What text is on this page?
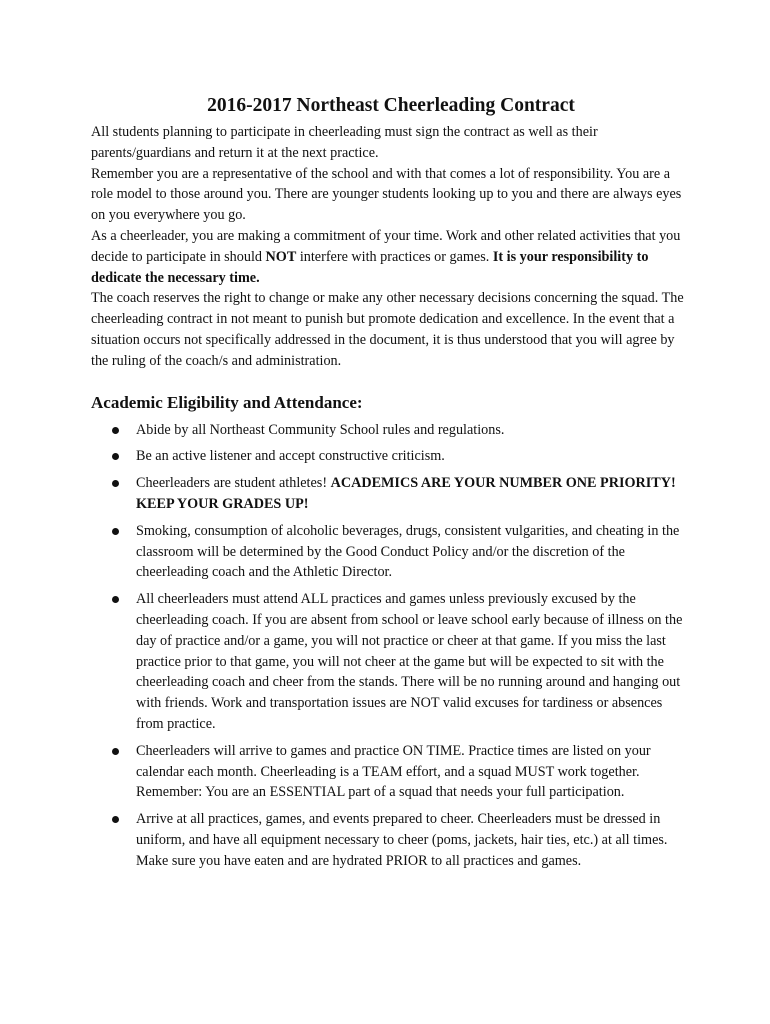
2016-2017 Northeast Cheerleading Contract

All students planning to participate in cheerleading must sign the contract as well as their parents/guardians and return it at the next practice.

Remember you are a representative of the school and with that comes a lot of responsibility. You are a role model to those around you. There are younger students looking up to you and there are always eyes on you everywhere you go.

As a cheerleader, you are making a commitment of your time. Work and other related activities that you decide to participate in should NOT interfere with practices or games. It is your responsibility to dedicate the necessary time.

The coach reserves the right to change or make any other necessary decisions concerning the squad. The cheerleading contract in not meant to punish but promote dedication and excellence. In the event that a situation occurs not specifically addressed in the document, it is thus understood that you will agree by the ruling of the coach/s and administration.

Academic Eligibility and Attendance:
Abide by all Northeast Community School rules and regulations.
Be an active listener and accept constructive criticism.
Cheerleaders are student athletes! ACADEMICS ARE YOUR NUMBER ONE PRIORITY! KEEP YOUR GRADES UP!
Smoking, consumption of alcoholic beverages, drugs, consistent vulgarities, and cheating in the classroom will be determined by the Good Conduct Policy and/or the discretion of the cheerleading coach and the Athletic Director.
All cheerleaders must attend ALL practices and games unless previously excused by the cheerleading coach. If you are absent from school or leave school early because of illness on the day of practice and/or a game, you will not practice or cheer at that game. If you miss the last practice prior to that game, you will not cheer at the game but will be expected to sit with the cheerleading coach and cheer from the stands. There will be no running around and hanging out with friends. Work and transportation issues are NOT valid excuses for tardiness or absences from practice.
Cheerleaders will arrive to games and practice ON TIME. Practice times are listed on your calendar each month. Cheerleading is a TEAM effort, and a squad MUST work together. Remember: You are an ESSENTIAL part of a squad that needs your full participation.
Arrive at all practices, games, and events prepared to cheer. Cheerleaders must be dressed in uniform, and have all equipment necessary to cheer (poms, jackets, hair ties, etc.) at all times. Make sure you have eaten and are hydrated PRIOR to all practices and games.
